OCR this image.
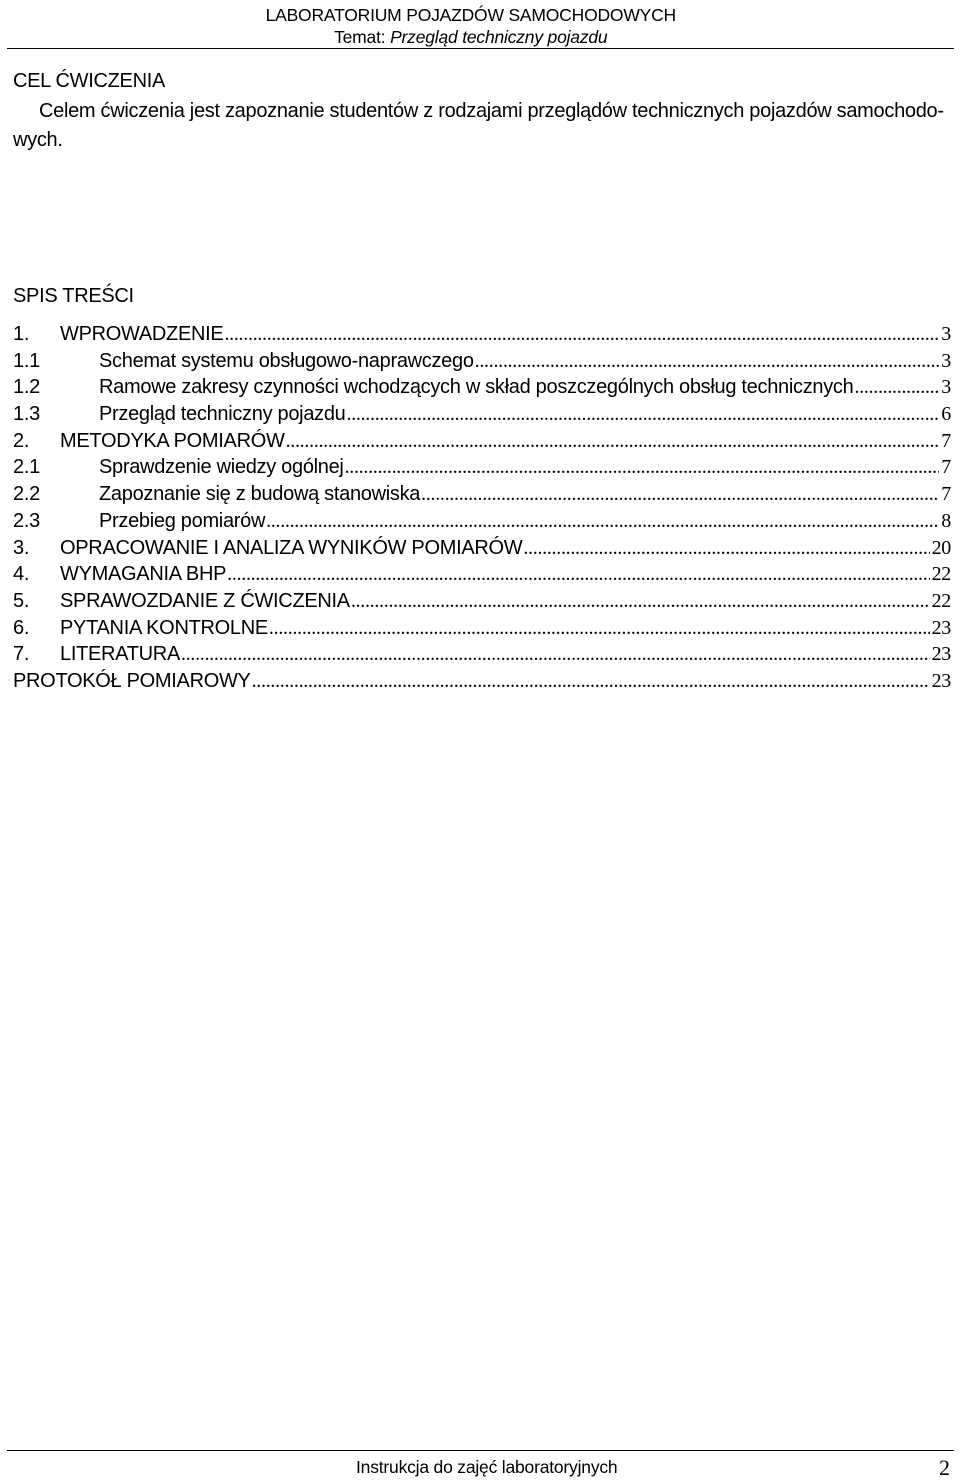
LABORATORIUM POJAZDÓW SAMOCHODOWYCH
Temat: Przegląd techniczny pojazdu
CEL ĆWICZENIA
Celem ćwiczenia jest zapoznanie studentów z rodzajami przeglądów technicznych pojazdów samochodo-
wych.
SPIS TREŚCI
1.	WPROWADZENIE .....	3
1.1	Schemat systemu obsługowo-naprawczego .....	3
1.2	Ramowe zakresy czynności wchodzących w skład poszczególnych obsług technicznych .....	3
1.3	Przegląd techniczny pojazdu .....	6
2.	METODYKA POMIARÓW .....	7
2.1	Sprawdzenie wiedzy ogólnej .....	7
2.2	Zapoznanie się z budową stanowiska .....	7
2.3	Przebieg pomiarów .....	8
3.	OPRACOWANIE I ANALIZA WYNIKÓW POMIARÓW .....	20
4.	WYMAGANIA BHP .....	22
5.	SPRAWOZDANIE Z ĆWICZENIA .....	22
6.	PYTANIA KONTROLNE .....	23
7.	LITERATURA .....	23
PROTOKÓŁ POMIAROWY .....	23
Instrukcja do zajęć laboratoryjnych	2
